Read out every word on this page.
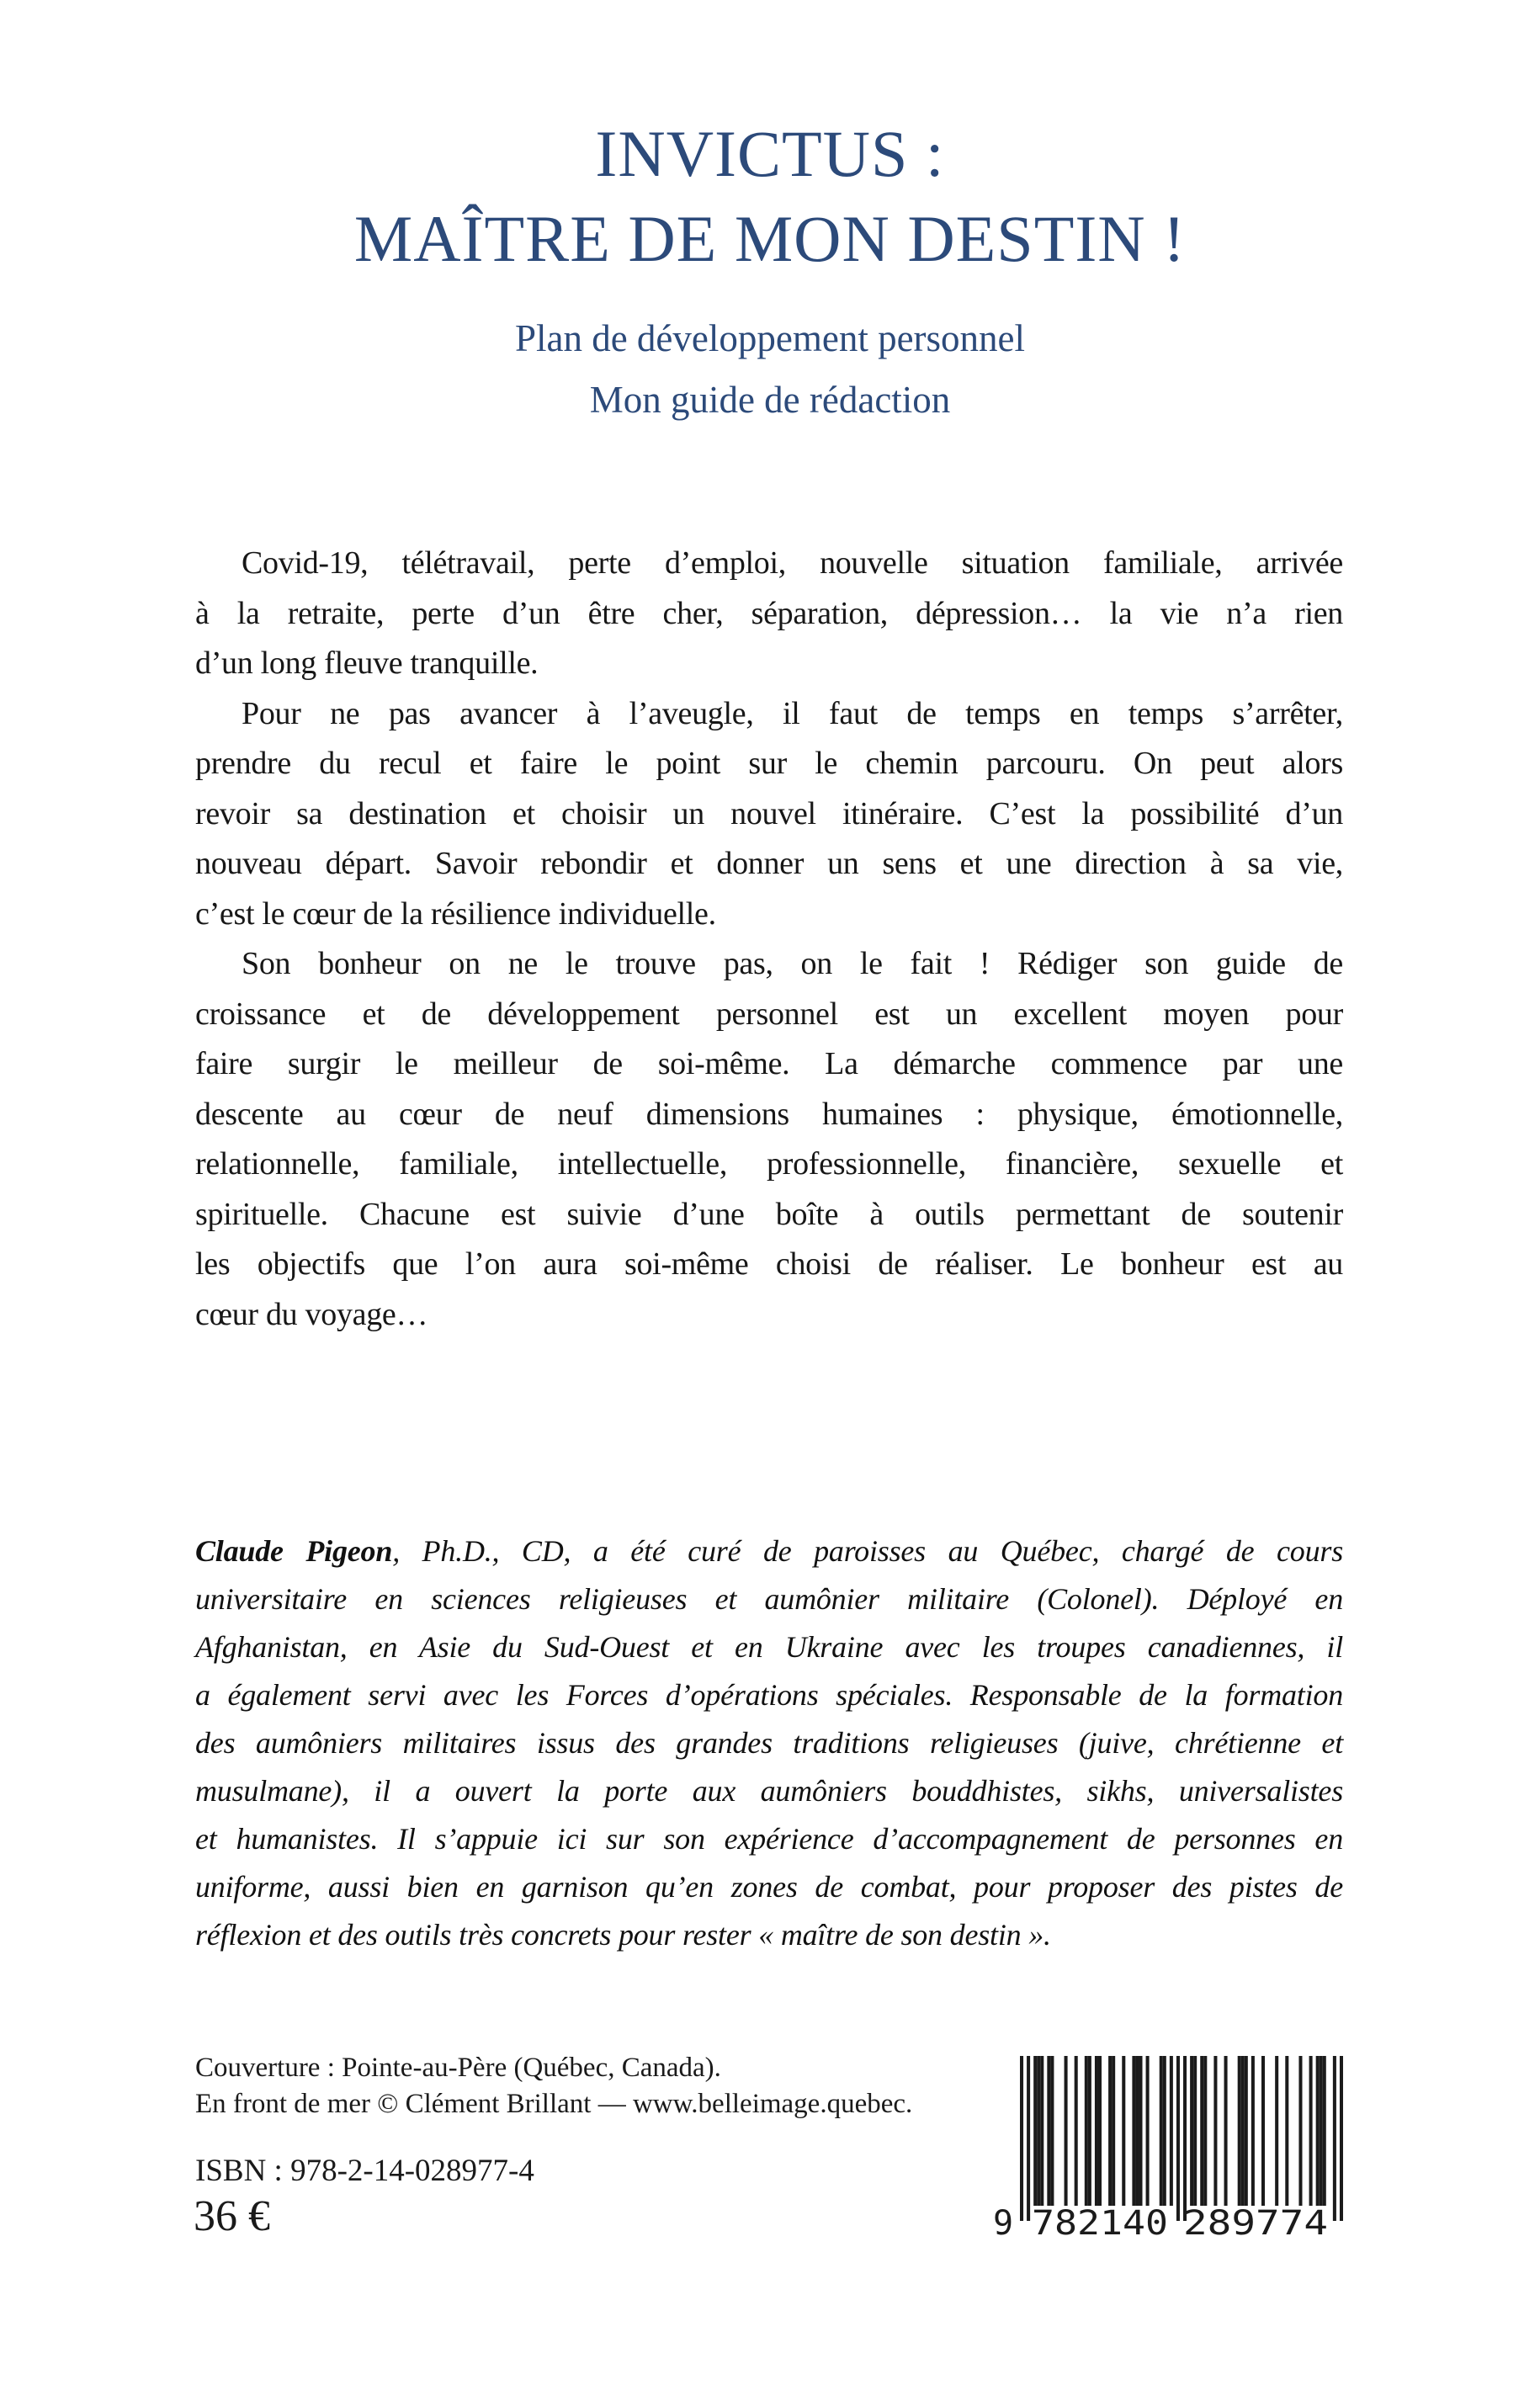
INVICTUS :
MAÎTRE DE MON DESTIN !
Plan de développement personnel
Mon guide de rédaction
Covid-19, télétravail, perte d’emploi, nouvelle situation familiale, arrivée
à la retraite, perte d’un être cher, séparation, dépression… la vie n’a rien
d’un long fleuve tranquille.
Pour ne pas avancer à l’aveugle, il faut de temps en temps s’arrêter,
prendre du recul et faire le point sur le chemin parcouru. On peut alors
revoir sa destination et choisir un nouvel itinéraire. C’est la possibilité d’un
nouveau départ. Savoir rebondir et donner un sens et une direction à sa vie,
c’est le cœur de la résilience individuelle.
Son bonheur on ne le trouve pas, on le fait ! Rédiger son guide de
croissance et de développement personnel est un excellent moyen pour
faire surgir le meilleur de soi-même. La démarche commence par une
descente au cœur de neuf dimensions humaines : physique, émotionnelle,
relationnelle, familiale, intellectuelle, professionnelle, financière, sexuelle et
spirituelle. Chacune est suivie d’une boîte à outils permettant de soutenir
les objectifs que l’on aura soi-même choisi de réaliser. Le bonheur est au
cœur du voyage…
Claude Pigeon, Ph.D., CD, a été curé de paroisses au Québec, chargé de cours
universitaire en sciences religieuses et aumônier militaire (Colonel). Déployé en
Afghanistan, en Asie du Sud-Ouest et en Ukraine avec les troupes canadiennes, il
a également servi avec les Forces d’opérations spéciales. Responsable de la formation
des aumôniers militaires issus des grandes traditions religieuses (juive, chrétienne et
musulmane), il a ouvert la porte aux aumôniers bouddhistes, sikhs, universalistes
et humanistes. Il s’appuie ici sur son expérience d’accompagnement de personnes en
uniforme, aussi bien en garnison qu’en zones de combat, pour proposer des pistes de
réflexion et des outils très concrets pour rester « maître de son destin ».
Couverture : Pointe-au-Père (Québec, Canada).
En front de mer © Clément Brillant — www.belleimage.quebec.
ISBN : 978-2-14-028977-4
36 €	9 782140 289774
